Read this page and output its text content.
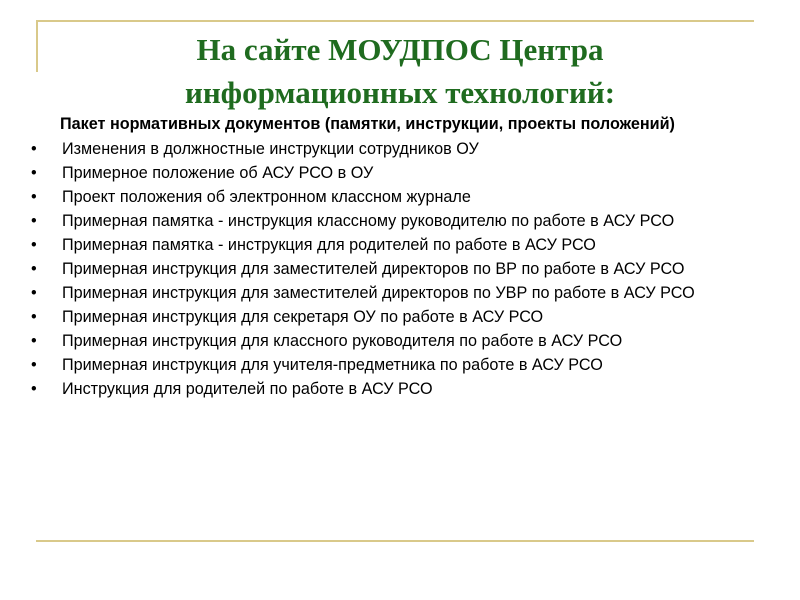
На сайте МОУДПОС Центра
информационных технологий:

Пакет нормативных документов (памятки, инструкции, проекты положений)

• Изменения в должностные инструкции сотрудников ОУ
• Примерное положение об АСУ РСО в ОУ
• Проект положения об электронном классном журнале
• Примерная памятка - инструкция классному руководителю по работе в АСУ РСО
• Примерная памятка - инструкция для родителей по работе в АСУ РСО
• Примерная инструкция для заместителей директоров по ВР по работе в АСУ РСО
• Примерная инструкция для заместителей директоров по УВР по работе в АСУ РСО
• Примерная инструкция для секретаря ОУ по работе в АСУ РСО
• Примерная инструкция для классного руководителя по работе в АСУ РСО
• Примерная инструкция для учителя-предметника по работе в АСУ РСО
• Инструкция для родителей по работе в АСУ РСО
